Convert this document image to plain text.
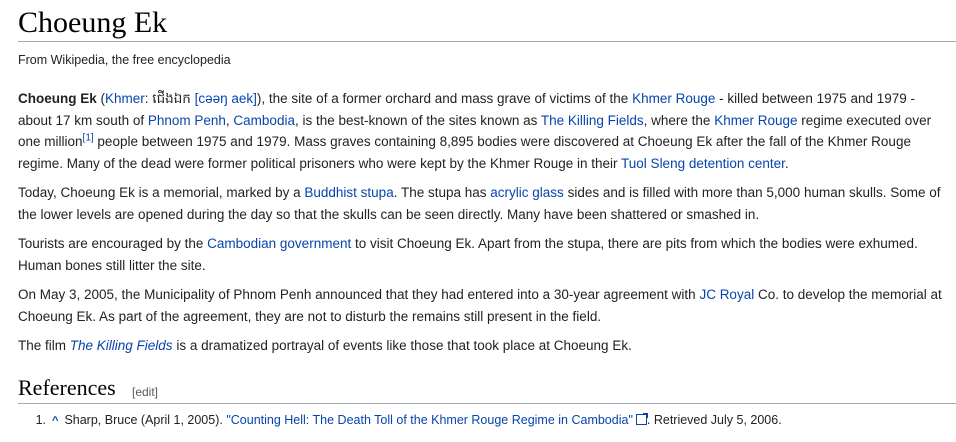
Choeung Ek
From Wikipedia, the free encyclopedia

Choeung Ek (Khmer: ជើងឯក [cəəŋ aek]), the site of a former orchard and mass grave of victims of the Khmer Rouge - killed between 1975 and 1979 - about 17 km south of Phnom Penh, Cambodia, is the best-known of the sites known as The Killing Fields, where the Khmer Rouge regime executed over one million[1] people between 1975 and 1979. Mass graves containing 8,895 bodies were discovered at Choeung Ek after the fall of the Khmer Rouge regime. Many of the dead were former political prisoners who were kept by the Khmer Rouge in their Tuol Sleng detention center.

Today, Choeung Ek is a memorial, marked by a Buddhist stupa. The stupa has acrylic glass sides and is filled with more than 5,000 human skulls. Some of the lower levels are opened during the day so that the skulls can be seen directly. Many have been shattered or smashed in.

Tourists are encouraged by the Cambodian government to visit Choeung Ek. Apart from the stupa, there are pits from which the bodies were exhumed. Human bones still litter the site.

On May 3, 2005, the Municipality of Phnom Penh announced that they had entered into a 30-year agreement with JC Royal Co. to develop the memorial at Choeung Ek. As part of the agreement, they are not to disturb the remains still present in the field.

The film The Killing Fields is a dramatized portrayal of events like those that took place at Choeung Ek.

References [edit]
1. ^ Sharp, Bruce (April 1, 2005). "Counting Hell: The Death Toll of the Khmer Rouge Regime in Cambodia" . Retrieved July 5, 2006.
